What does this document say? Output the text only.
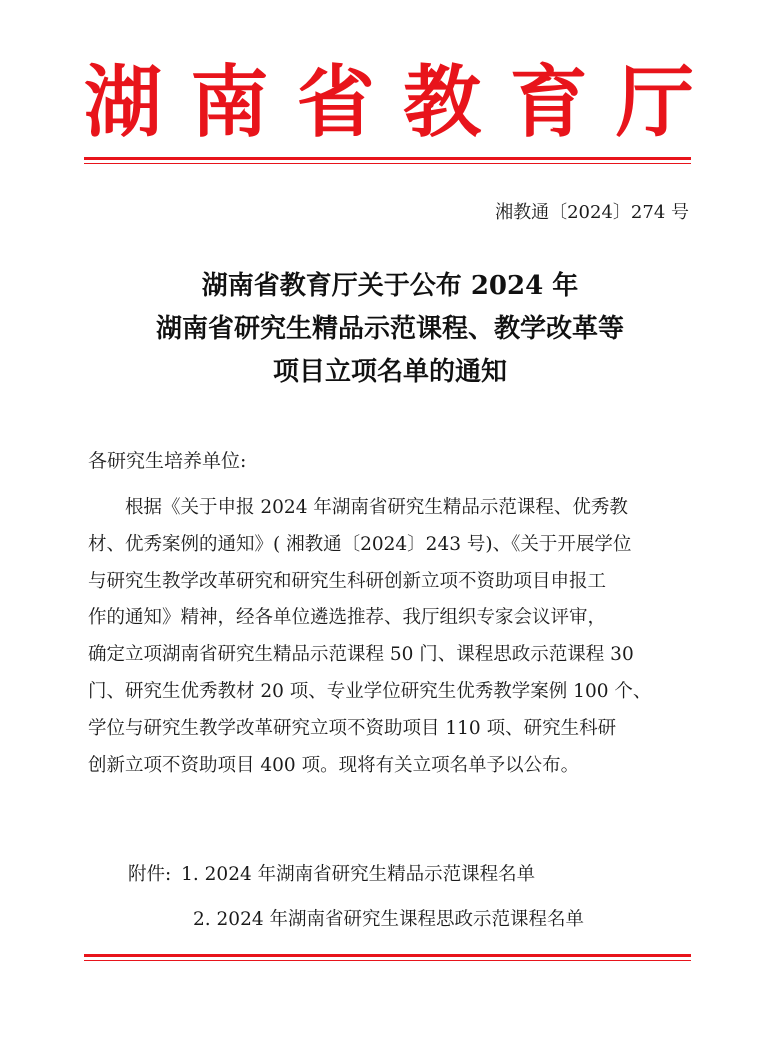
湖 南 省 教 育 厅
湘教通〔2024〕274 号
湖南省教育厅关于公布 2024 年
湖南省研究生精品示范课程、教学改革等
项目立项名单的通知
各研究生培养单位:
根据《关于申报 2024 年湖南省研究生精品示范课程、优秀教
材、优秀案例的通知》( 湘教通〔2024〕243 号)、《关于开展学位
与研究生教学改革研究和研究生科研创新立项不资助项目申报工
作的通知》精神，经各单位遴选推荐、我厅组织专家会议评审，
确定立项湖南省研究生精品示范课程 50 门、课程思政示范课程 30
门、研究生优秀教材 20 项、专业学位研究生优秀教学案例 100 个、
学位与研究生教学改革研究立项不资助项目 110 项、研究生科研
创新立项不资助项目 400 项。现将有关立项名单予以公布。
附件: 1. 2024 年湖南省研究生精品示范课程名单
2. 2024 年湖南省研究生课程思政示范课程名单
